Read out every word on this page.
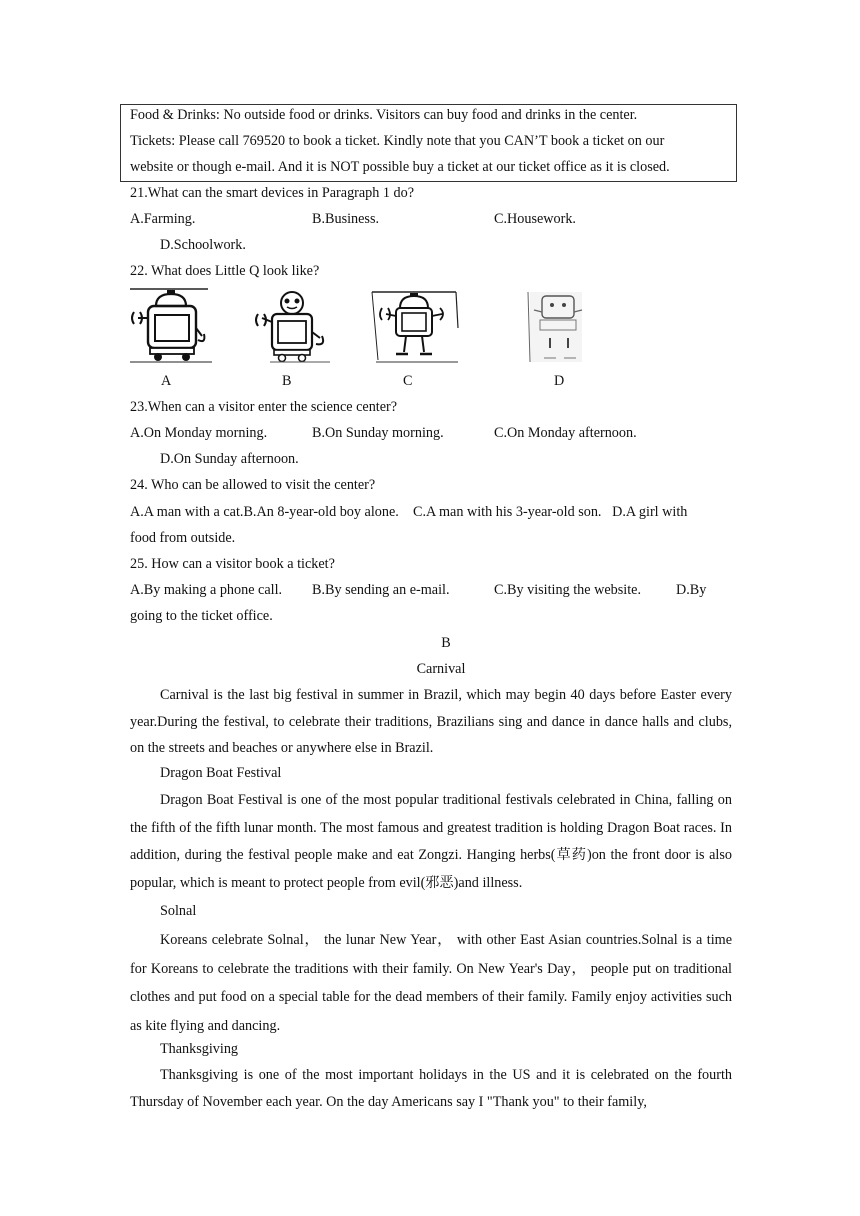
Food & Drinks: No outside food or drinks. Visitors can buy food and drinks in the center.
Tickets: Please call 769520 to book a ticket. Kindly note that you CAN’T book a ticket on our
website or though e-mail. And it is NOT possible buy a ticket at our ticket office as it is closed.
21.What can the smart devices in Paragraph 1 do?
A.Farming.	B.Business.	C.Housework.
D.Schoolwork.
22. What does Little Q look like?
A	B	C	D
23.When can a visitor enter the science center?
A.On Monday morning.	B.On Sunday morning.	C.On Monday afternoon.
D.On Sunday afternoon.
24. Who can be allowed to visit the center?
A.A man with a cat.B.An 8-year-old boy alone.    C.A man with his 3-year-old son.   D.A girl with
food from outside.
25. How can a visitor book a ticket?
A.By making a phone call. B.By sending an e-mail.	C.By visiting the website. D.By
going to the ticket office.
B
Carnival
Carnival is the last big festival in summer in Brazil, which may begin 40 days before Easter every year.During the festival, to celebrate their traditions, Brazilians sing and dance in dance halls and clubs, on the streets and beaches or anywhere else in Brazil.
Dragon Boat Festival
Dragon Boat Festival is one of the most popular traditional festivals celebrated in China, falling on the fifth of the fifth lunar month. The most famous and greatest tradition is holding Dragon Boat races. In addition, during the festival people make and eat Zongzi. Hanging herbs(草药)on the front door is also popular, which is meant to protect people from evil(邪恶)and illness.
Solnal
Koreans celebrate Solnal， the lunar New Year， with other East Asian countries.Solnal is a time for Koreans to celebrate the traditions with their family. On New Year's Day， people put on traditional clothes and put food on a special table for the dead members of their family. Family enjoy activities such as kite flying and dancing.
Thanksgiving
Thanksgiving is one of the most important holidays in the US and it is celebrated on the fourth Thursday of November each year. On the day Americans say I "Thank you" to their family,
